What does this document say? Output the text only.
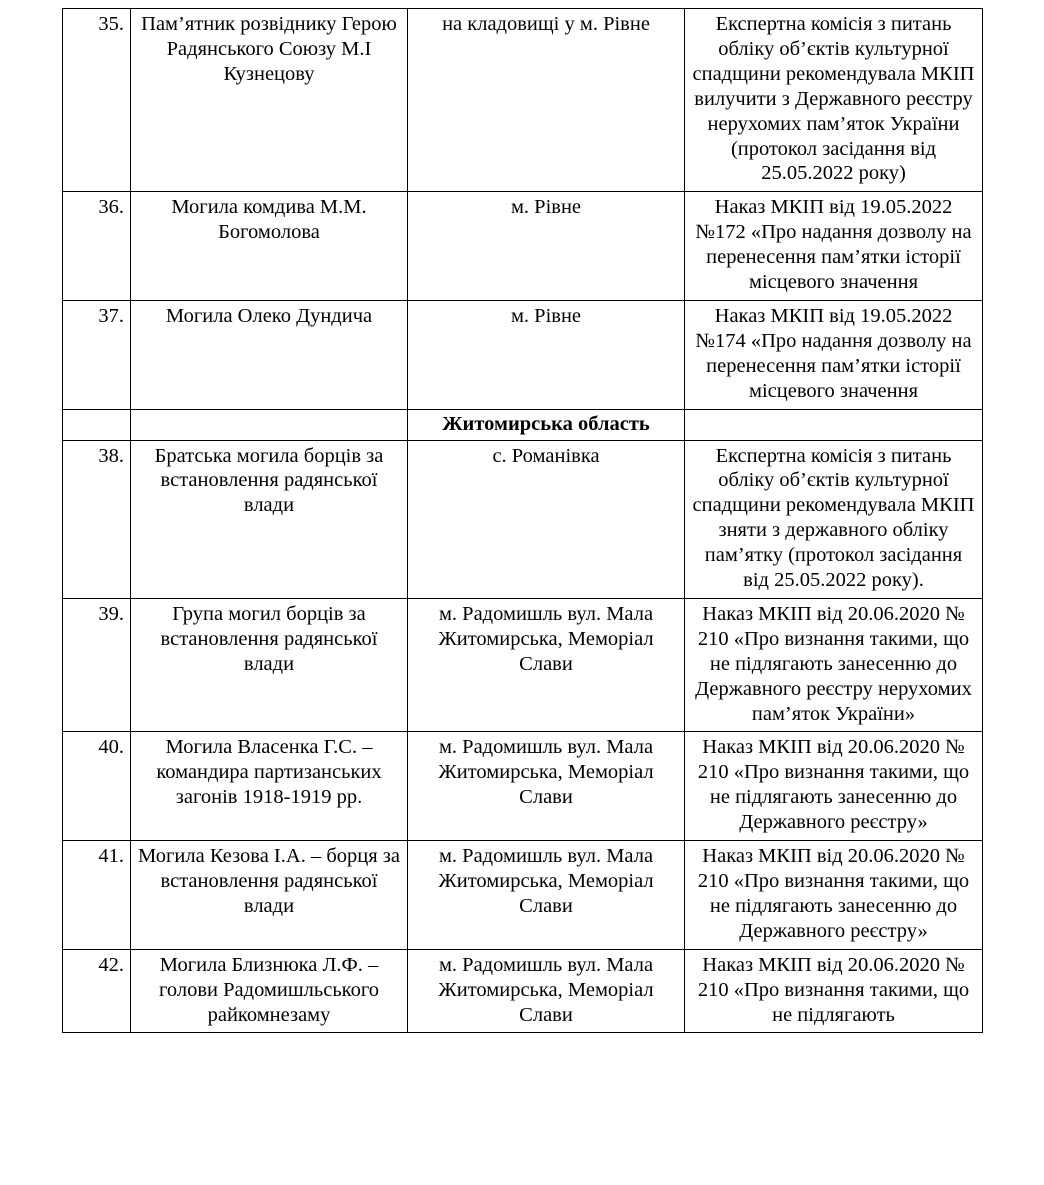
35.	Пам’ятник розвіднику Герою Радянського Союзу М.І Кузнецову	на кладовищі у м. Рівне	Експертна комісія з питань обліку об’єктів культурної спадщини рекомендувала МКІП вилучити з Державного реєстру нерухомих пам’яток України (протокол засідання від 25.05.2022 року)
36.	Могила комдива М.М. Богомолова	м. Рівне	Наказ МКІП від 19.05.2022 №172 «Про надання дозволу на перенесення пам’ятки історії місцевого значення
37.	Могила Олеко Дундича	м. Рівне	Наказ МКІП від 19.05.2022 №174 «Про надання дозволу на перенесення пам’ятки історії місцевого значення
		Житомирська область	
38.	Братська могила борців за встановлення радянської влади	с. Романівка	Експертна комісія з питань обліку об’єктів культурної спадщини рекомендувала МКІП зняти з державного обліку пам’ятку (протокол засідання від 25.05.2022 року).
39.	Група могил борців за встановлення радянської влади	м. Радомишль вул. Мала Житомирська, Меморіал Слави	Наказ МКІП від 20.06.2020 № 210 «Про визнання такими, що не підлягають занесенню до Державного реєстру нерухомих пам’яток України»
40.	Могила Власенка Г.С. – командира партизанських загонів 1918-1919 рр.	м. Радомишль вул. Мала Житомирська, Меморіал Слави	Наказ МКІП від 20.06.2020 № 210 «Про визнання такими, що не підлягають занесенню до Державного реєстру»
41.	Могила Кезова І.А. – борця за встановлення радянської влади	м. Радомишль вул. Мала Житомирська, Меморіал Слави	Наказ МКІП від 20.06.2020 № 210 «Про визнання такими, що не підлягають занесенню до Державного реєстру»
42.	Могила Близнюка Л.Ф. – голови Радомишльського райкомнезаму	м. Радомишль вул. Мала Житомирська, Меморіал Слави	Наказ МКІП від 20.06.2020 № 210 «Про визнання такими, що не підлягають
